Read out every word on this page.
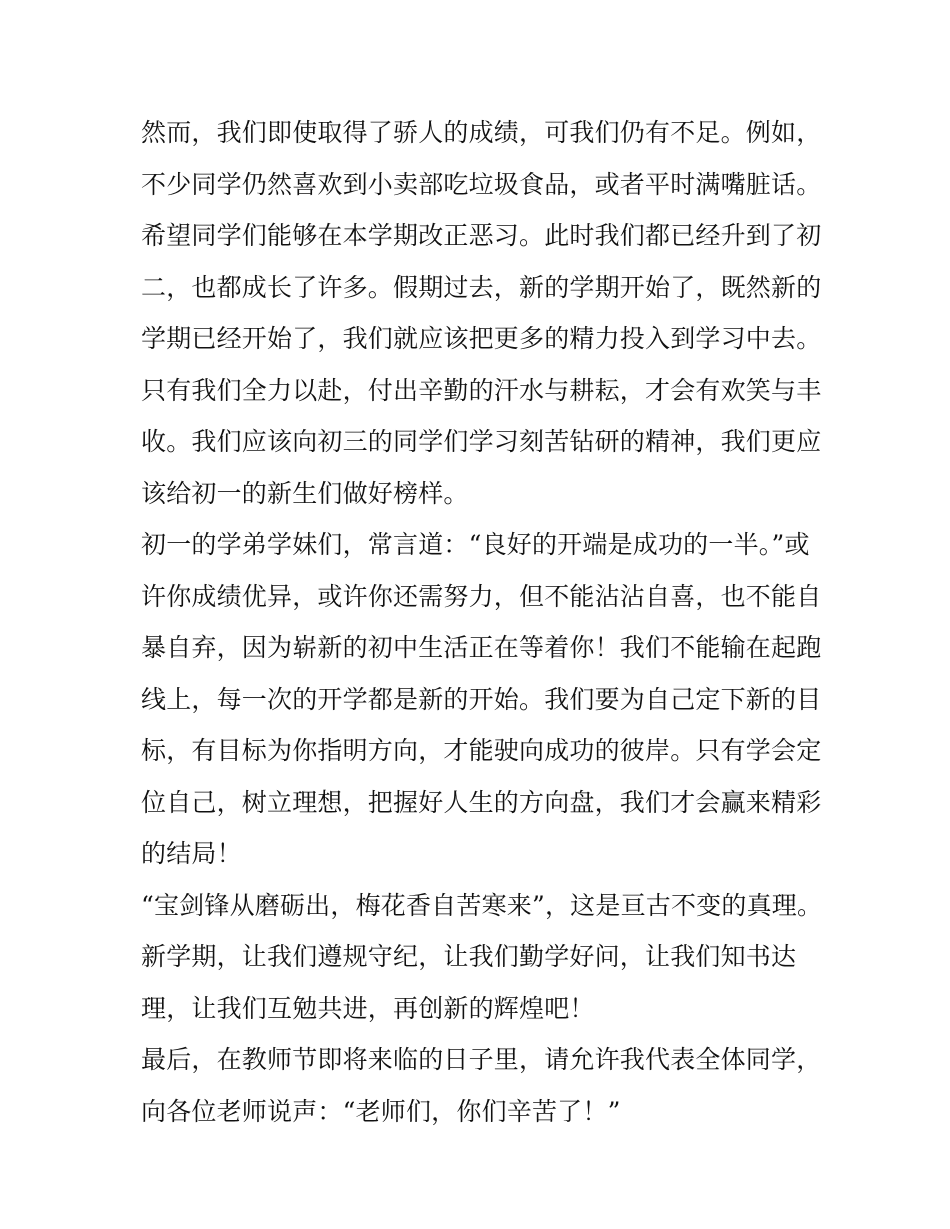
然而，我们即使取得了骄人的成绩，可我们仍有不足。例如，
不少同学仍然喜欢到小卖部吃垃圾食品，或者平时满嘴脏话。
希望同学们能够在本学期改正恶习。此时我们都已经升到了初
二，也都成长了许多。假期过去，新的学期开始了，既然新的
学期已经开始了，我们就应该把更多的精力投入到学习中去。
只有我们全力以赴，付出辛勤的汗水与耕耘，才会有欢笑与丰
收。我们应该向初三的同学们学习刻苦钻研的精神，我们更应
该给初一的新生们做好榜样。
初一的学弟学妹们，常言道：“良好的开端是成功的一半。”或
许你成绩优异，或许你还需努力，但不能沾沾自喜，也不能自
暴自弃，因为崭新的初中生活正在等着你！我们不能输在起跑
线上，每一次的开学都是新的开始。我们要为自己定下新的目
标，有目标为你指明方向，才能驶向成功的彼岸。只有学会定
位自己，树立理想，把握好人生的方向盘，我们才会赢来精彩
的结局！
“宝剑锋从磨砺出，梅花香自苦寒来”，这是亘古不变的真理。
新学期，让我们遵规守纪，让我们勤学好问，让我们知书达
理，让我们互勉共进，再创新的辉煌吧！
最后，在教师节即将来临的日子里，请允许我代表全体同学，
向各位老师说声：“老师们，你们辛苦了！”
